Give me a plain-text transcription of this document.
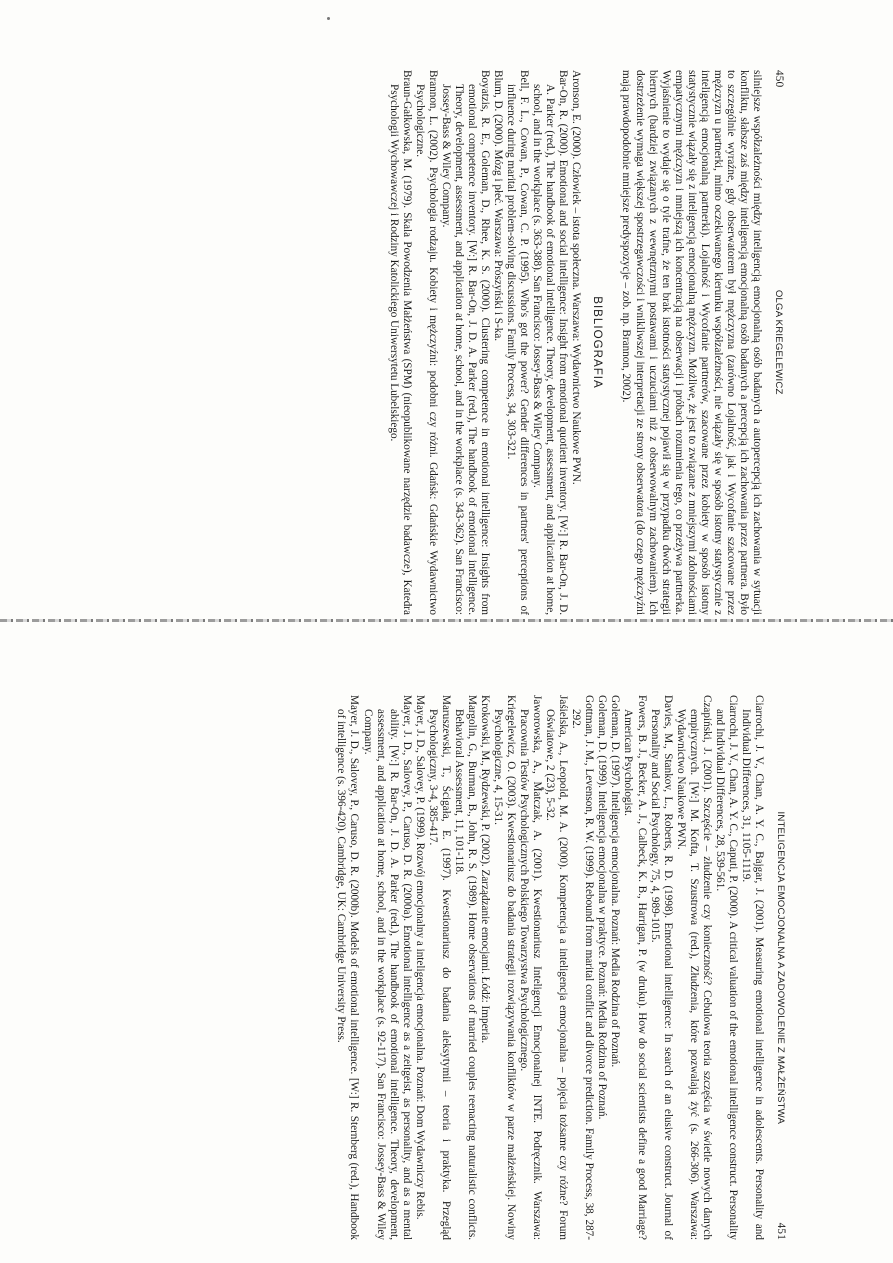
450
OLGA KRIEGELEWICZ

silniejsze współzależności między inteligencją emocjonalną osób badanych a autopercepcją ich zachowania w sytuacji konfliktu, słabsze zaś między inteligencją emocjonalną osób badanych a percepcją ich zachowania przez partnera. Było to szczególnie wyraźne, gdy obserwatorem był mężczyzna (zarówno Lojalność, jak i Wycofanie szacowane przez mężczyzn u partnerki, mimo oczekiwanego kierunku współzależności, nie wiązały się w sposób istotny statystycznie z inteligencją emocjonalną partnerki). Lojalność i Wycofanie partnerów, szacowane przez kobiety w sposób istotny statystycznie wiązały się z inteligencją emocjonalną mężczyzn. Możliwe, że jest to związane z mniejszymi zdolnościami empatycznymi mężczyzn i mniejszą ich koncentracją na obserwacji i próbach rozumienia tego, co przeżywa partnerka. Wyjaśnienie to wydaje się o tyle trafne, że ten brak istotności statystycznej pojawił się w przypadku dwóch strategii biernych (bardziej związanych z wewnętrznymi postawami i uczuciami niż z obserwowalnym zachowaniem). Ich dostrzeżenie wymaga większej spostrzegawczości i wnikliwszej interpretacji ze strony obserwatora (do czego mężczyźni mają prawdopodobnie mniejsze predyspozycje – zob. np. Brannon, 2002).

BIBLIOGRAFIA

Aronson, E. (2000). Człowiek – istota społeczna. Warszawa: Wydawnictwo Naukowe PWN.

Bar-On, R. (2000). Emotional and social intelligence: Insight from emotional quotient inventory. [W:] R. Bar-On, J. D. A. Parker (red.), The handbook of emotional intelligence. Theory, development, assessment, and application at home, school, and in the workplace (s. 363-388). San Francisco: Jossey-Bass & Wiley Company.

Bell, F. L., Cowan, P., Cowan, C. P. (1995). Who's got the power? Gender differences in partners' perceptions of influence during marital problem-solving discussions. Family Process, 34, 303-321.

Blum, D. (2000). Mózg i płeć. Warszawa: Prószyński i S-ka.

Boyatzis, R. E., Goleman, D., Rhee, K. S. (2000). Clustering competence in emotional intelligence: Insights from emotional competence inventory. [W:] R. Bar-On, J. D. A. Parker (red.), The handbook of emotional intelligence. Theory, development, assessment, and application at home, school, and in the workplace (s. 343-362). San Francisco: Jossey-Bass & Wiley Company.

Brannon, L. (2002). Psychologia rodzaju. Kobiety i mężczyźni: podobni czy różni. Gdańsk: Gdańskie Wydawnictwo Psychologiczne.

Braun-Gałkowska, M. (1979). Skala Powodzenia Małżeństwa (SPM) (nieopublikowane narzędzie badawcze), Katedra Psychologii Wychowawczej i Rodziny Katolickiego Uniwersytetu Lubelskiego.

INTELIGENCJA EMOCJONALNA A ZADOWOLENIE Z MAŁŻEŃSTWA
451

Ciarrochi, J. V., Chan, A. Y. C., Bajgar, J. (2001). Measuring emotional intelligence in adolescents. Personality and Individual Differences, 31, 1105-1119.

Ciarrochi, J. V., Chan, A. Y. C., Caputi, P. (2000). A critical valuation of the emotional intelligence construct. Personality and Individual Differences, 28, 539-561.

Czapiński, J. (2001). Szczęście – złudzenie czy konieczność? Cebulowa teoria szczęścia w świetle nowych danych empirycznych. [W:] M. Kofta, T. Szustrowa (red.), Złudzenia, które pozwalają żyć (s. 266-306). Warszawa: Wydawnictwo Naukowe PWN.

Davies, M., Stankov, L., Roberts, R. D. (1998). Emotional intelligence: In search of an elusive construct. Journal of Personality and Social Psychology, 75, 4, 989-1015.

Fowers, B. J., Becker, A. J., Calbeck, K. B., Harrigan, P. (w druku). How do social scientists define a good Marriage? American Psychologist.

Goleman, D. (1997). Inteligencja emocjonalna. Poznań: Media Rodzina of Poznań.

Goleman, D. (1999). Inteligencja emocjonalna w praktyce. Poznań: Media Rodzina of Poznań.

Gottman, J. M., Levenson, R. W. (1999). Rebound from marital conflict and divorce prediction. Family Process, 38, 287-292.

Jaśielska, A., Leopold, M. A. (2000). Kompetencja a inteligencja emocjonalna – pojęcia tożsame czy różne? Forum Oświatowe, 2 (23), 5-32.

Jaworowska, A., Matczak, A. (2001). Kwestionariusz Inteligencji Emocjonalnej INTE. Podręcznik. Warszawa: Pracownia Testów Psychologicznych Polskiego Towarzystwa Psychologicznego.

Kriegelewicz, O. (2003). Kwestionariusz do badania strategii rozwiązywania konfliktów w parze małżeńskiej. Nowiny Psychologiczne, 4, 15-31.

Krokowski, M., Rydzewski, P. (2002). Zarządzanie emocjami. Łódź: Imperia.

Margolin, G., Burman, B., John, R. S. (1989). Home observations of married couples reenacting naturalistic conflicts. Behavioral Assessment, 11, 101-118.

Maruszewski, T., Ścigała, E. (1997). Kwestionariusz do badania aleksytymii – teoria i praktyka. Przegląd Psychologiczny, 3-4, 385-417.

Mayer, J. D., Salovey, P. (1999). Rozwój emocjonalny a inteligencja emocjonalna. Poznań: Dom Wydawniczy Rebis.

Mayer, J. D., Salovey, P., Caruso, D. R. (2000a). Emotional intelligence as a zeitgeist, as personality, and as a mental ability. [W:] R. Bar-On, J. D. A. Parker (red.), The handbook of emotional intelligence. Theory, development, assessment, and application at home, school, and in the workplace (s. 92-117). San Francisco: Jossey-Bass & Wiley Company.

Mayer, J. D., Salovey, P., Caruso, D. R. (2000b). Models of emotional intelligence. [W:] R. Sternberg (red.), Handbook of intelligence (s. 396-420). Cambridge, UK: Cambridge University Press.
